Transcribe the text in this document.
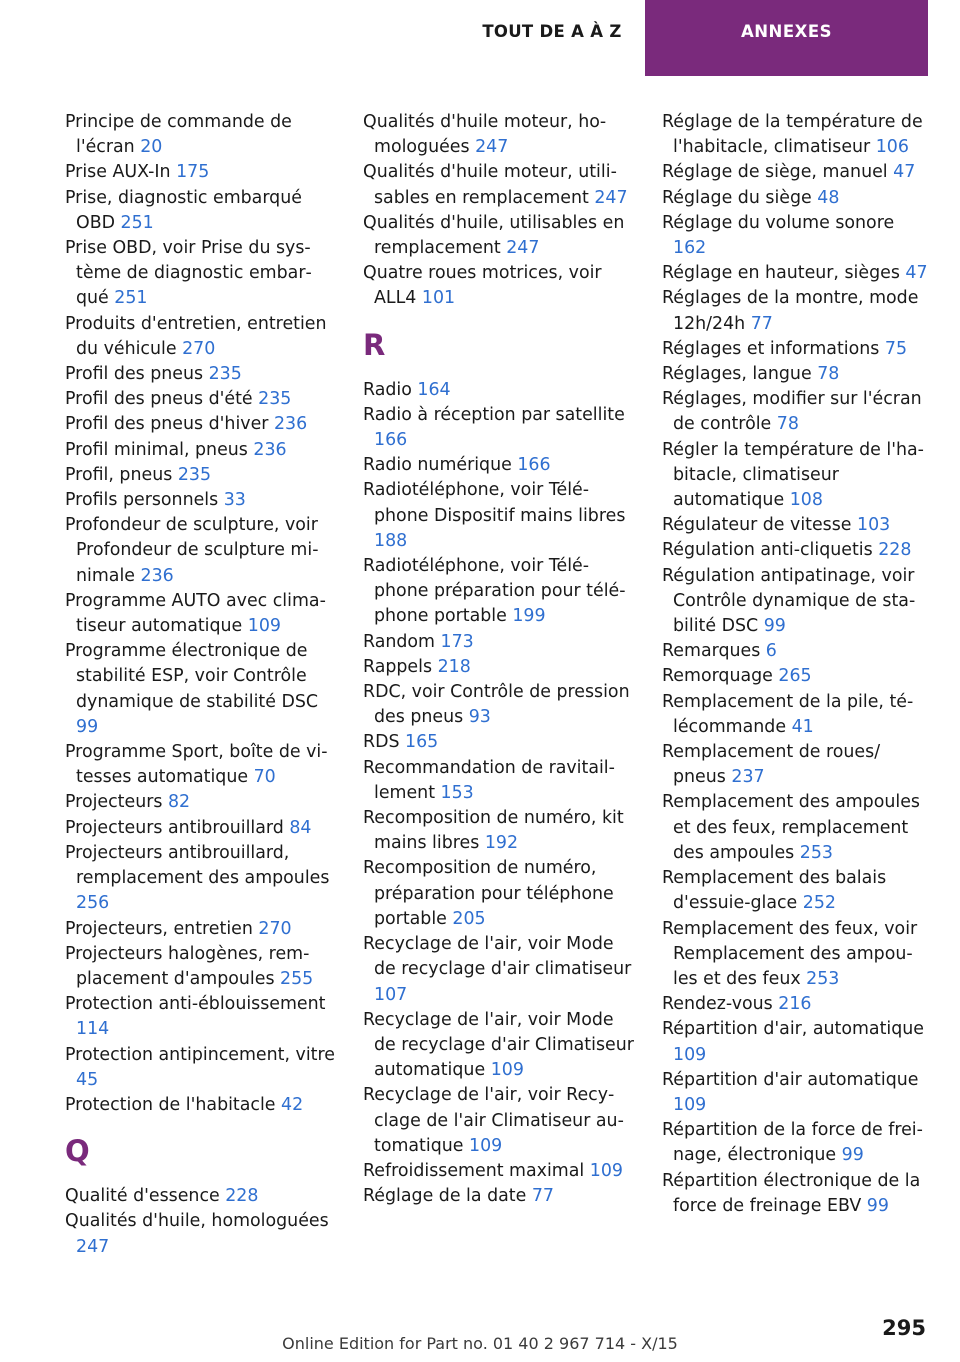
TOUT DE A À Z	ANNEXES

Principe de commande de l'écran 20

Prise AUX-In 175

Prise, diagnostic embarqué OBD 251

Prise OBD, voir Prise du système de diagnostic embarqué 251

Produits d'entretien, entretien du véhicule 270

Profil des pneus 235

Profil des pneus d'été 235

Profil des pneus d'hiver 236

Profil minimal, pneus 236

Profil, pneus 235

Profils personnels 33

Profondeur de sculpture, voir Profondeur de sculpture minimale 236

Programme AUTO avec climatiseur automatique 109

Programme électronique de stabilité ESP, voir Contrôle dynamique de stabilité DSC 99

Programme Sport, boîte de vitesses automatique 70

Projecteurs 82

Projecteurs antibrouillard 84

Projecteurs antibrouillard, remplacement des ampoules 256

Projecteurs, entretien 270

Projecteurs halogènes, remplacement d'ampoules 255

Protection anti-éblouissement 114

Protection antipincement, vitre 45

Protection de l'habitacle 42

Q

Qualité d'essence 228

Qualités d'huile, homologuées 247

Qualités d'huile moteur, homologuées 247

Qualités d'huile moteur, utilisables en remplacement 247

Qualités d'huile, utilisables en remplacement 247

Quatre roues motrices, voir ALL4 101

R

Radio 164

Radio à réception par satellite 166

Radio numérique 166

Radiotéléphone, voir Téléphone Dispositif mains libres 188

Radiotéléphone, voir Téléphone préparation pour téléphone portable 199

Random 173

Rappels 218

RDC, voir Contrôle de pression des pneus 93

RDS 165

Recommandation de ravitaillement 153

Recomposition de numéro, kit mains libres 192

Recomposition de numéro, préparation pour téléphone portable 205

Recyclage de l'air, voir Mode de recyclage d'air climatiseur 107

Recyclage de l'air, voir Mode de recyclage d'air Climatiseur automatique 109

Recyclage de l'air, voir Recyclage de l'air Climatiseur automatique 109

Refroidissement maximal 109

Réglage de la date 77

Réglage de la température de l'habitacle, climatiseur 106

Réglage de siège, manuel 47

Réglage du siège 48

Réglage du volume sonore 162

Réglage en hauteur, sièges 47

Réglages de la montre, mode 12h/24h 77

Réglages et informations 75

Réglages, langue 78

Réglages, modifier sur l'écran de contrôle 78

Régler la température de l'habitacle, climatiseur automatique 108

Régulateur de vitesse 103

Régulation anti-cliquetis 228

Régulation antipatinage, voir Contrôle dynamique de stabilité DSC 99

Remarques 6

Remorquage 265

Remplacement de la pile, télécommande 41

Remplacement de roues/ pneus 237

Remplacement des ampoules et des feux, remplacement des ampoules 253

Remplacement des balais d'essuie-glace 252

Remplacement des feux, voir Remplacement des ampoules et des feux 253

Rendez-vous 216

Répartition d'air, automatique 109

Répartition d'air automatique 109

Répartition de la force de freinage, électronique 99

Répartition électronique de la force de freinage EBV 99

295
Online Edition for Part no. 01 40 2 967 714 - X/15
